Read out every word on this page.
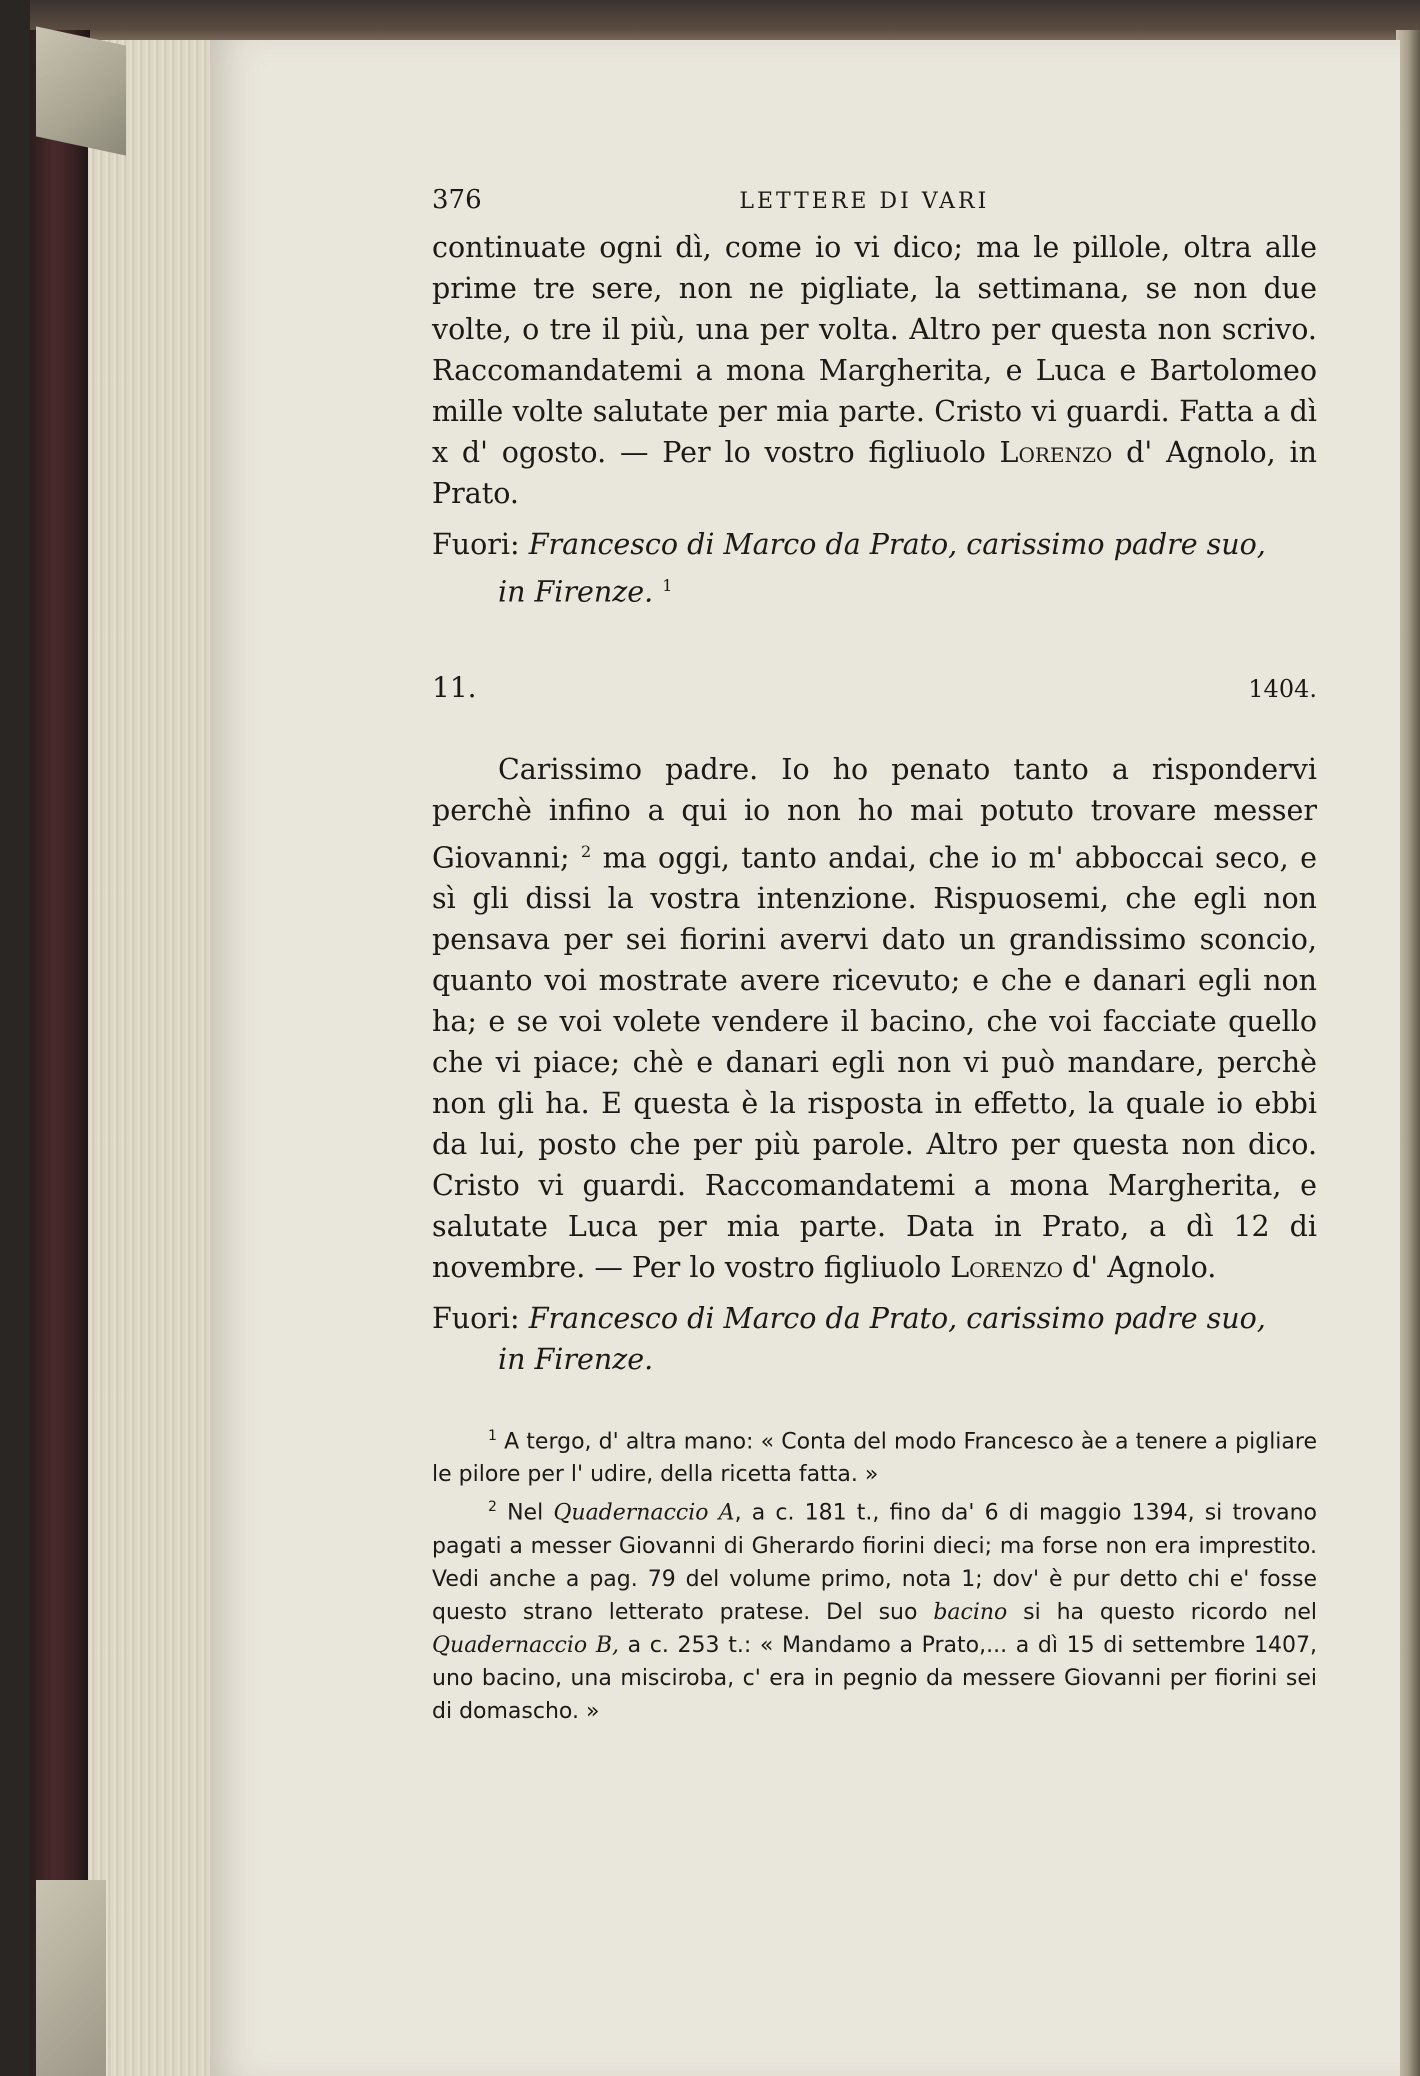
376	LETTERE DI VARI

continuate ogni dì, come io vi dico; ma le pillole, oltra alle prime tre sere, non ne pigliate, la settimana, se non due volte, o tre il più, una per volta. Altro per questa non scrivo. Raccomandatemi a mona Margherita, e Luca e Bartolomeo mille volte salutate per mia parte. Cristo vi guardi. Fatta a dì x d' ogosto. — Per lo vostro figliuolo Lorenzo d' Agnolo, in Prato.

Fuori: Francesco di Marco da Prato, carissimo padre suo,
in Firenze. $^1$
11.	1404.

Carissimo padre. Io ho penato tanto a rispondervi perchè infino a qui io non ho mai potuto trovare messer Giovanni; $^2$ ma oggi, tanto andai, che io m' abboccai seco, e sì gli dissi la vostra intenzione. Rispuosemi, che egli non pensava per sei fiorini avervi dato un grandissimo sconcio, quanto voi mostrate avere ricevuto; e che e danari egli non ha; e se voi volete vendere il bacino, che voi facciate quello che vi piace; chè e danari egli non vi può mandare, perchè non gli ha. E questa è la risposta in effetto, la quale io ebbi da lui, posto che per più parole. Altro per questa non dico. Cristo vi guardi. Raccomandatemi a mona Margherita, e salutate Luca per mia parte. Data in Prato, a dì 12 di novembre. — Per lo vostro figliuolo Lorenzo d' Agnolo.

Fuori: Francesco di Marco da Prato, carissimo padre suo,
in Firenze.

$^1$ A tergo, d' altra mano: « Conta del modo Francesco àe a tenere a pigliare le pilore per l' udire, della ricetta fatta. »

$^2$ Nel Quadernaccio A, a c. 181 t., fino da' 6 di maggio 1394, si trovano pagati a messer Giovanni di Gherardo fiorini dieci; ma forse non era imprestito. Vedi anche a pag. 79 del volume primo, nota 1; dov' è pur detto chi e' fosse questo strano letterato pratese. Del suo bacino si ha questo ricordo nel Quadernaccio B, a c. 253 t.: « Mandamo a Prato,... a dì 15 di settembre 1407, uno bacino, una misciroba, c' era in pegnio da messere Giovanni per fiorini sei di domascho. »
